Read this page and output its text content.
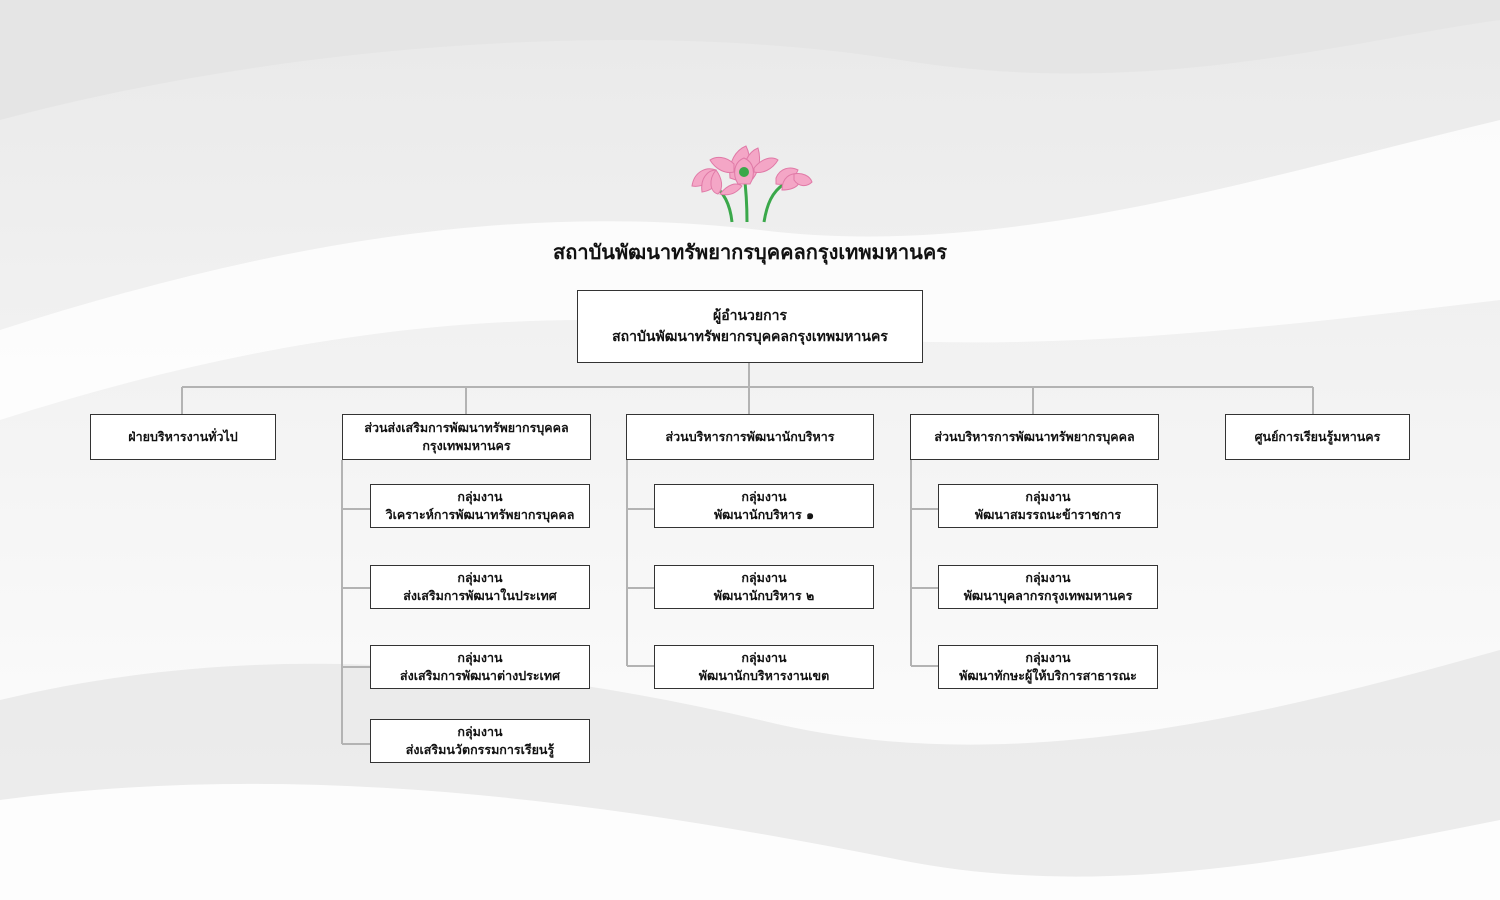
สถาบันพัฒนาทรัพยากรบุคคลกรุงเทพมหานคร
ผู้อำนวยการ
สถาบันพัฒนาทรัพยากรบุคคลกรุงเทพมหานคร
ฝ่ายบริหารงานทั่วไป
ส่วนส่งเสริมการพัฒนาทรัพยากรบุคคล
กรุงเทพมหานคร
กลุ่มงาน
วิเคราะห์การพัฒนาทรัพยากรบุคคล
กลุ่มงาน
ส่งเสริมการพัฒนาในประเทศ
กลุ่มงาน
ส่งเสริมการพัฒนาต่างประเทศ
กลุ่มงาน
ส่งเสริมนวัตกรรมการเรียนรู้
ส่วนบริหารการพัฒนานักบริหาร
กลุ่มงาน
พัฒนานักบริหาร ๑
กลุ่มงาน
พัฒนานักบริหาร ๒
กลุ่มงาน
พัฒนานักบริหารงานเขต
ส่วนบริหารการพัฒนาทรัพยากรบุคคล
กลุ่มงาน
พัฒนาสมรรถนะข้าราชการ
กลุ่มงาน
พัฒนาบุคลากรกรุงเทพมหานคร
กลุ่มงาน
พัฒนาทักษะผู้ให้บริการสาธารณะ
ศูนย์การเรียนรู้มหานคร
